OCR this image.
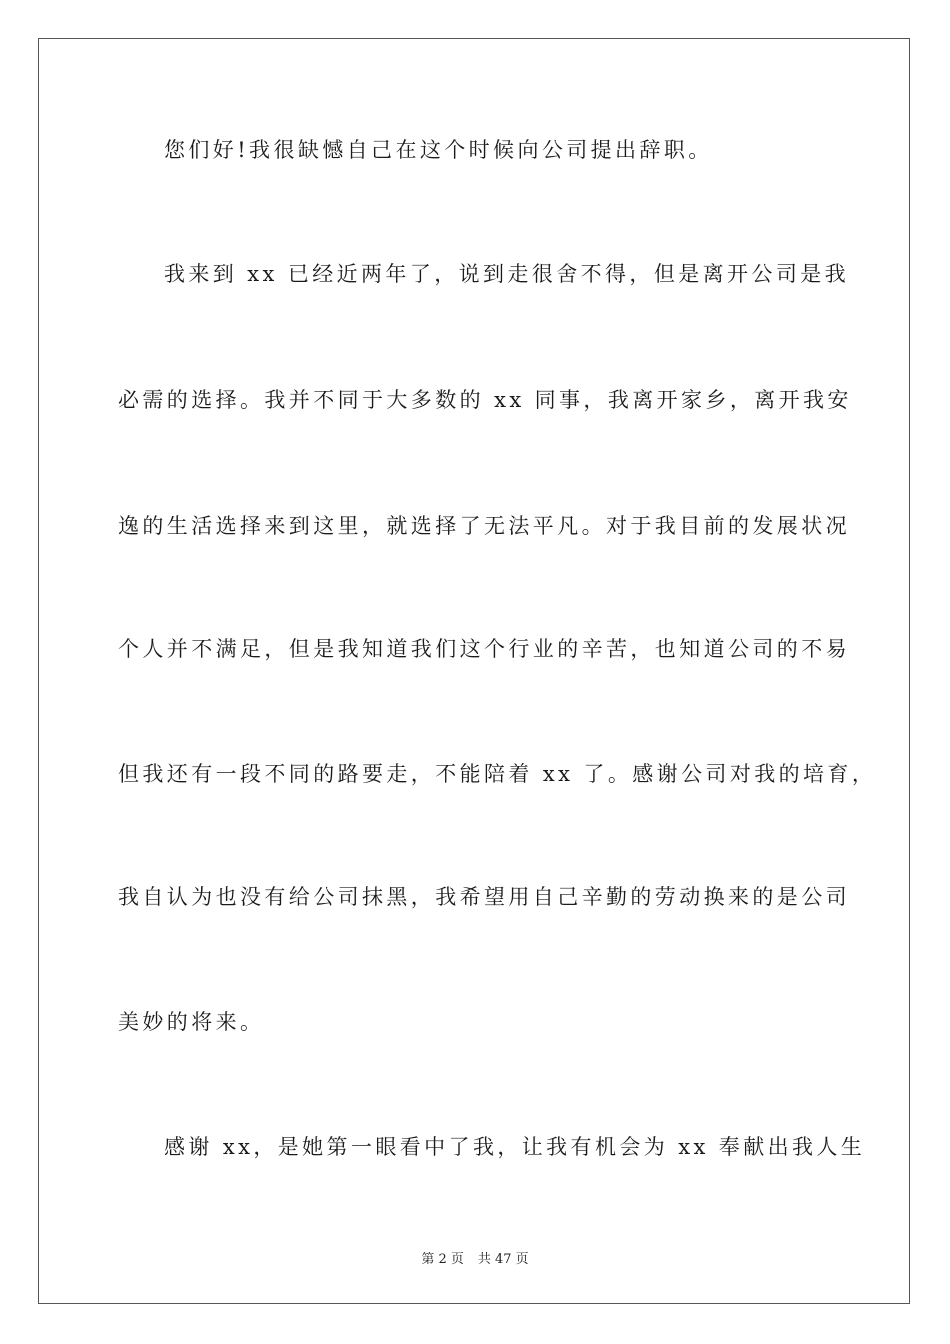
您们好!我很缺憾自己在这个时候向公司提出辞职。
我来到 xx 已经近两年了，说到走很舍不得，但是离开公司是我
必需的选择。我并不同于大多数的 xx 同事，我离开家乡，离开我安
逸的生活选择来到这里，就选择了无法平凡。对于我目前的发展状况
个人并不满足，但是我知道我们这个行业的辛苦，也知道公司的不易
但我还有一段不同的路要走，不能陪着 xx 了。感谢公司对我的培育，
我自认为也没有给公司抹黑，我希望用自己辛勤的劳动换来的是公司
美妙的将来。
感谢 xx，是她第一眼看中了我，让我有机会为 xx 奉献出我人生
第 2 页 共 47 页
